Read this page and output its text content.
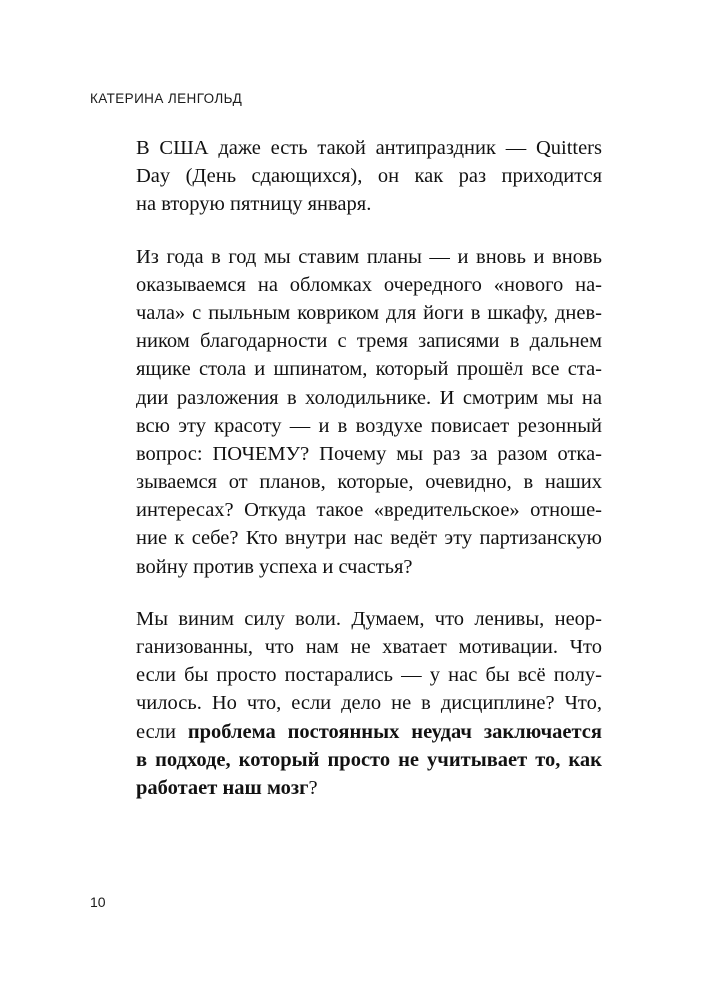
КАТЕРИНА ЛЕНГОЛЬД

В США даже есть такой антипраздник — Quitters
Day (День сдающихся), он как раз приходится
на вторую пятницу января.

Из года в год мы ставим планы — и вновь и вновь
оказываемся на обломках очередного «нового на-
чала» с пыльным ковриком для йоги в шкафу, днев-
ником благодарности с тремя записями в дальнем
ящике стола и шпинатом, который прошёл все ста-
дии разложения в холодильнике. И смотрим мы на
всю эту красоту — и в воздухе повисает резонный
вопрос: ПОЧЕМУ? Почему мы раз за разом отка-
зываемся от планов, которые, очевидно, в наших
интересах? Откуда такое «вредительское» отноше-
ние к себе? Кто внутри нас ведёт эту партизанскую
войну против успеха и счастья?

Мы виним силу воли. Думаем, что ленивы, неор-
ганизованны, что нам не хватает мотивации. Что
если бы просто постарались — у нас бы всё полу-
чилось. Но что, если дело не в дисциплине? Что,
если проблема постоянных неудач заключается
в подходе, который просто не учитывает то, как
работает наш мозг?

10
